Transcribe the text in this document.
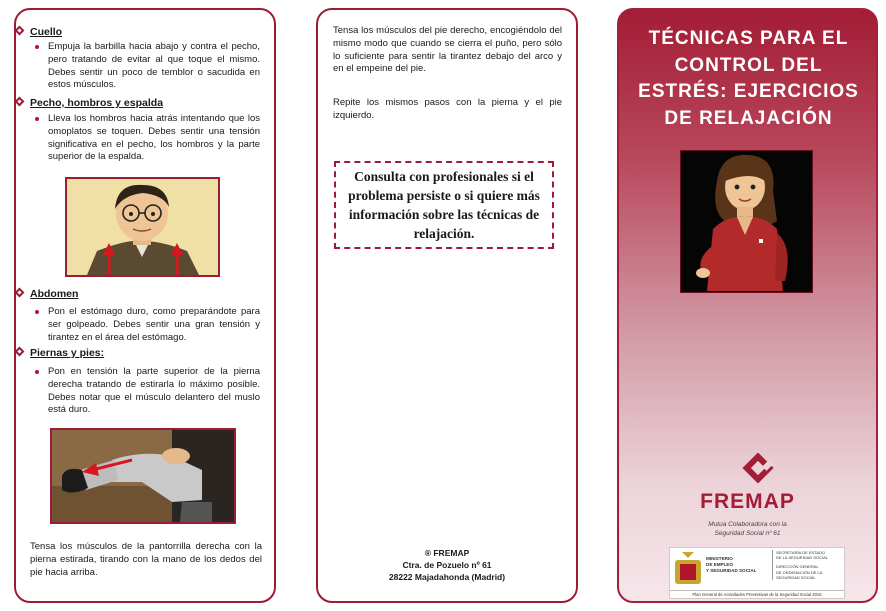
Cuello
Empuja la barbilla hacia abajo y contra el pecho, pero tratando de evitar al que toque el mismo. Debes sentir un poco de temblor o sacudida en estos músculos.
Pecho, hombros y espalda
Lleva los hombros hacia atrás intentando que los omoplatos se toquen. Debes sentir una tensión significativa en el pecho, los hombros y la parte superior de la espalda.
Abdomen
Pon el estómago duro, como preparándote para ser golpeado. Debes sentir una gran tensión y tirantez en el área del estómago.
Piernas y pies:
Pon en tensión la parte superior de la pierna derecha tratando de estirarla lo máximo posible. Debes notar que el músculo delantero del muslo está duro.
Tensa los músculos de la pantorrilla derecha con la pierna estirada, tirando con la mano de los dedos del pie hacia arriba.
Tensa los músculos del pie derecho, encogiéndolo del mismo modo que cuando se cierra el puño, pero sólo lo suficiente para sentir la tirantez debajo del arco y en el empeine del pie.
Repite los mismos pasos con la pierna y el pie izquierdo.
Consulta con profesionales si el problema persiste o si quiere más información sobre las técnicas de relajación.
® FREMAP
Ctra. de Pozuelo nº 61
28222 Majadahonda (Madrid)
TÉCNICAS PARA EL CONTROL DEL ESTRÉS: EJERCICIOS DE RELAJACIÓN
FREMAP
Mutua Colaboradora con la
Seguridad Social nº 61
MINISTERIO
DE EMPLEO
Y SEGURIDAD SOCIAL
SECRETARÍA DE ESTADO
DE LA SEGURIDAD SOCIAL
DIRECCIÓN GENERAL
DE ORDENACIÓN DE LA
SEGURIDAD SOCIAL
Plan General de Actividades Preventivas de la Seguridad Social 2015
